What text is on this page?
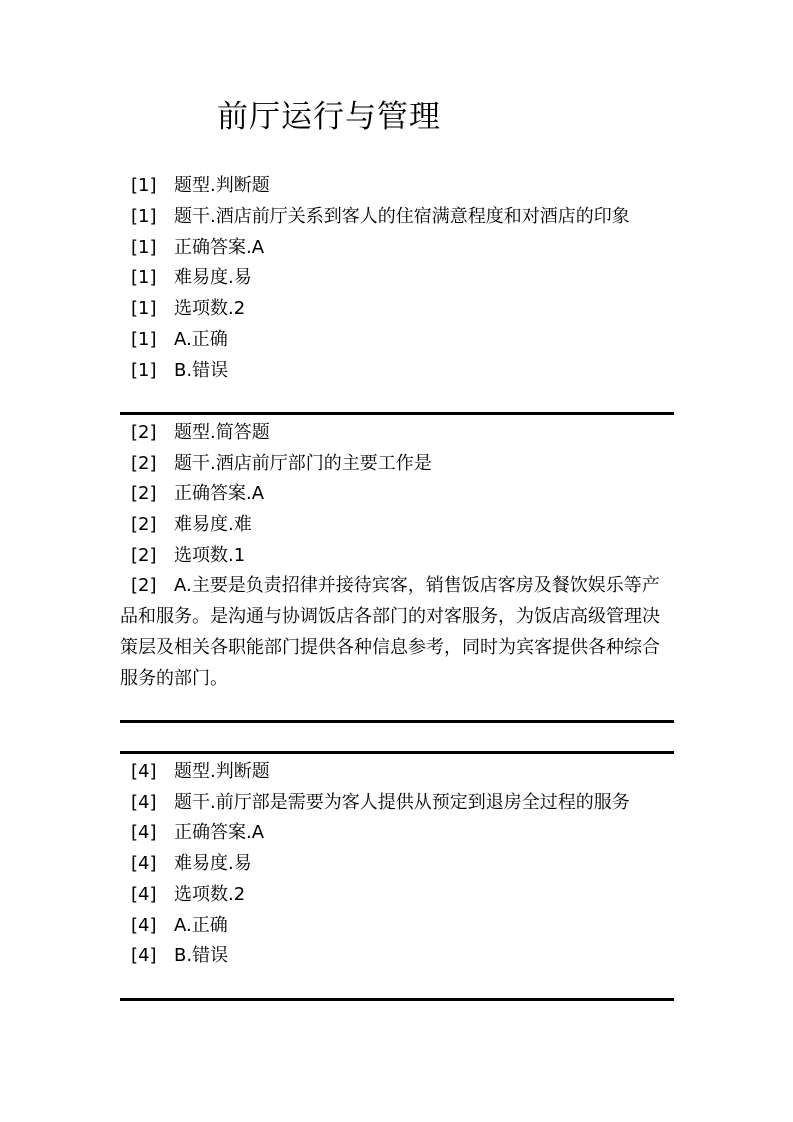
前厅运行与管理
[1] 题型.判断题
[1] 题干.酒店前厅关系到客人的住宿满意程度和对酒店的印象
[1] 正确答案.A
[1] 难易度.易
[1] 选项数.2
[1] A.正确
[1] B.错误
[2] 题型.简答题
[2] 题干.酒店前厅部门的主要工作是
[2] 正确答案.A
[2] 难易度.难
[2] 选项数.1
[2] A.主要是负责招律并接待宾客，销售饭店客房及餐饮娱乐等产品和服务。是沟通与协调饭店各部门的对客服务，为饭店高级管理决策层及相关各职能部门提供各种信息参考，同时为宾客提供各种综合服务的部门。
[4] 题型.判断题
[4] 题干.前厅部是需要为客人提供从预定到退房全过程的服务
[4] 正确答案.A
[4] 难易度.易
[4] 选项数.2
[4] A.正确
[4] B.错误
